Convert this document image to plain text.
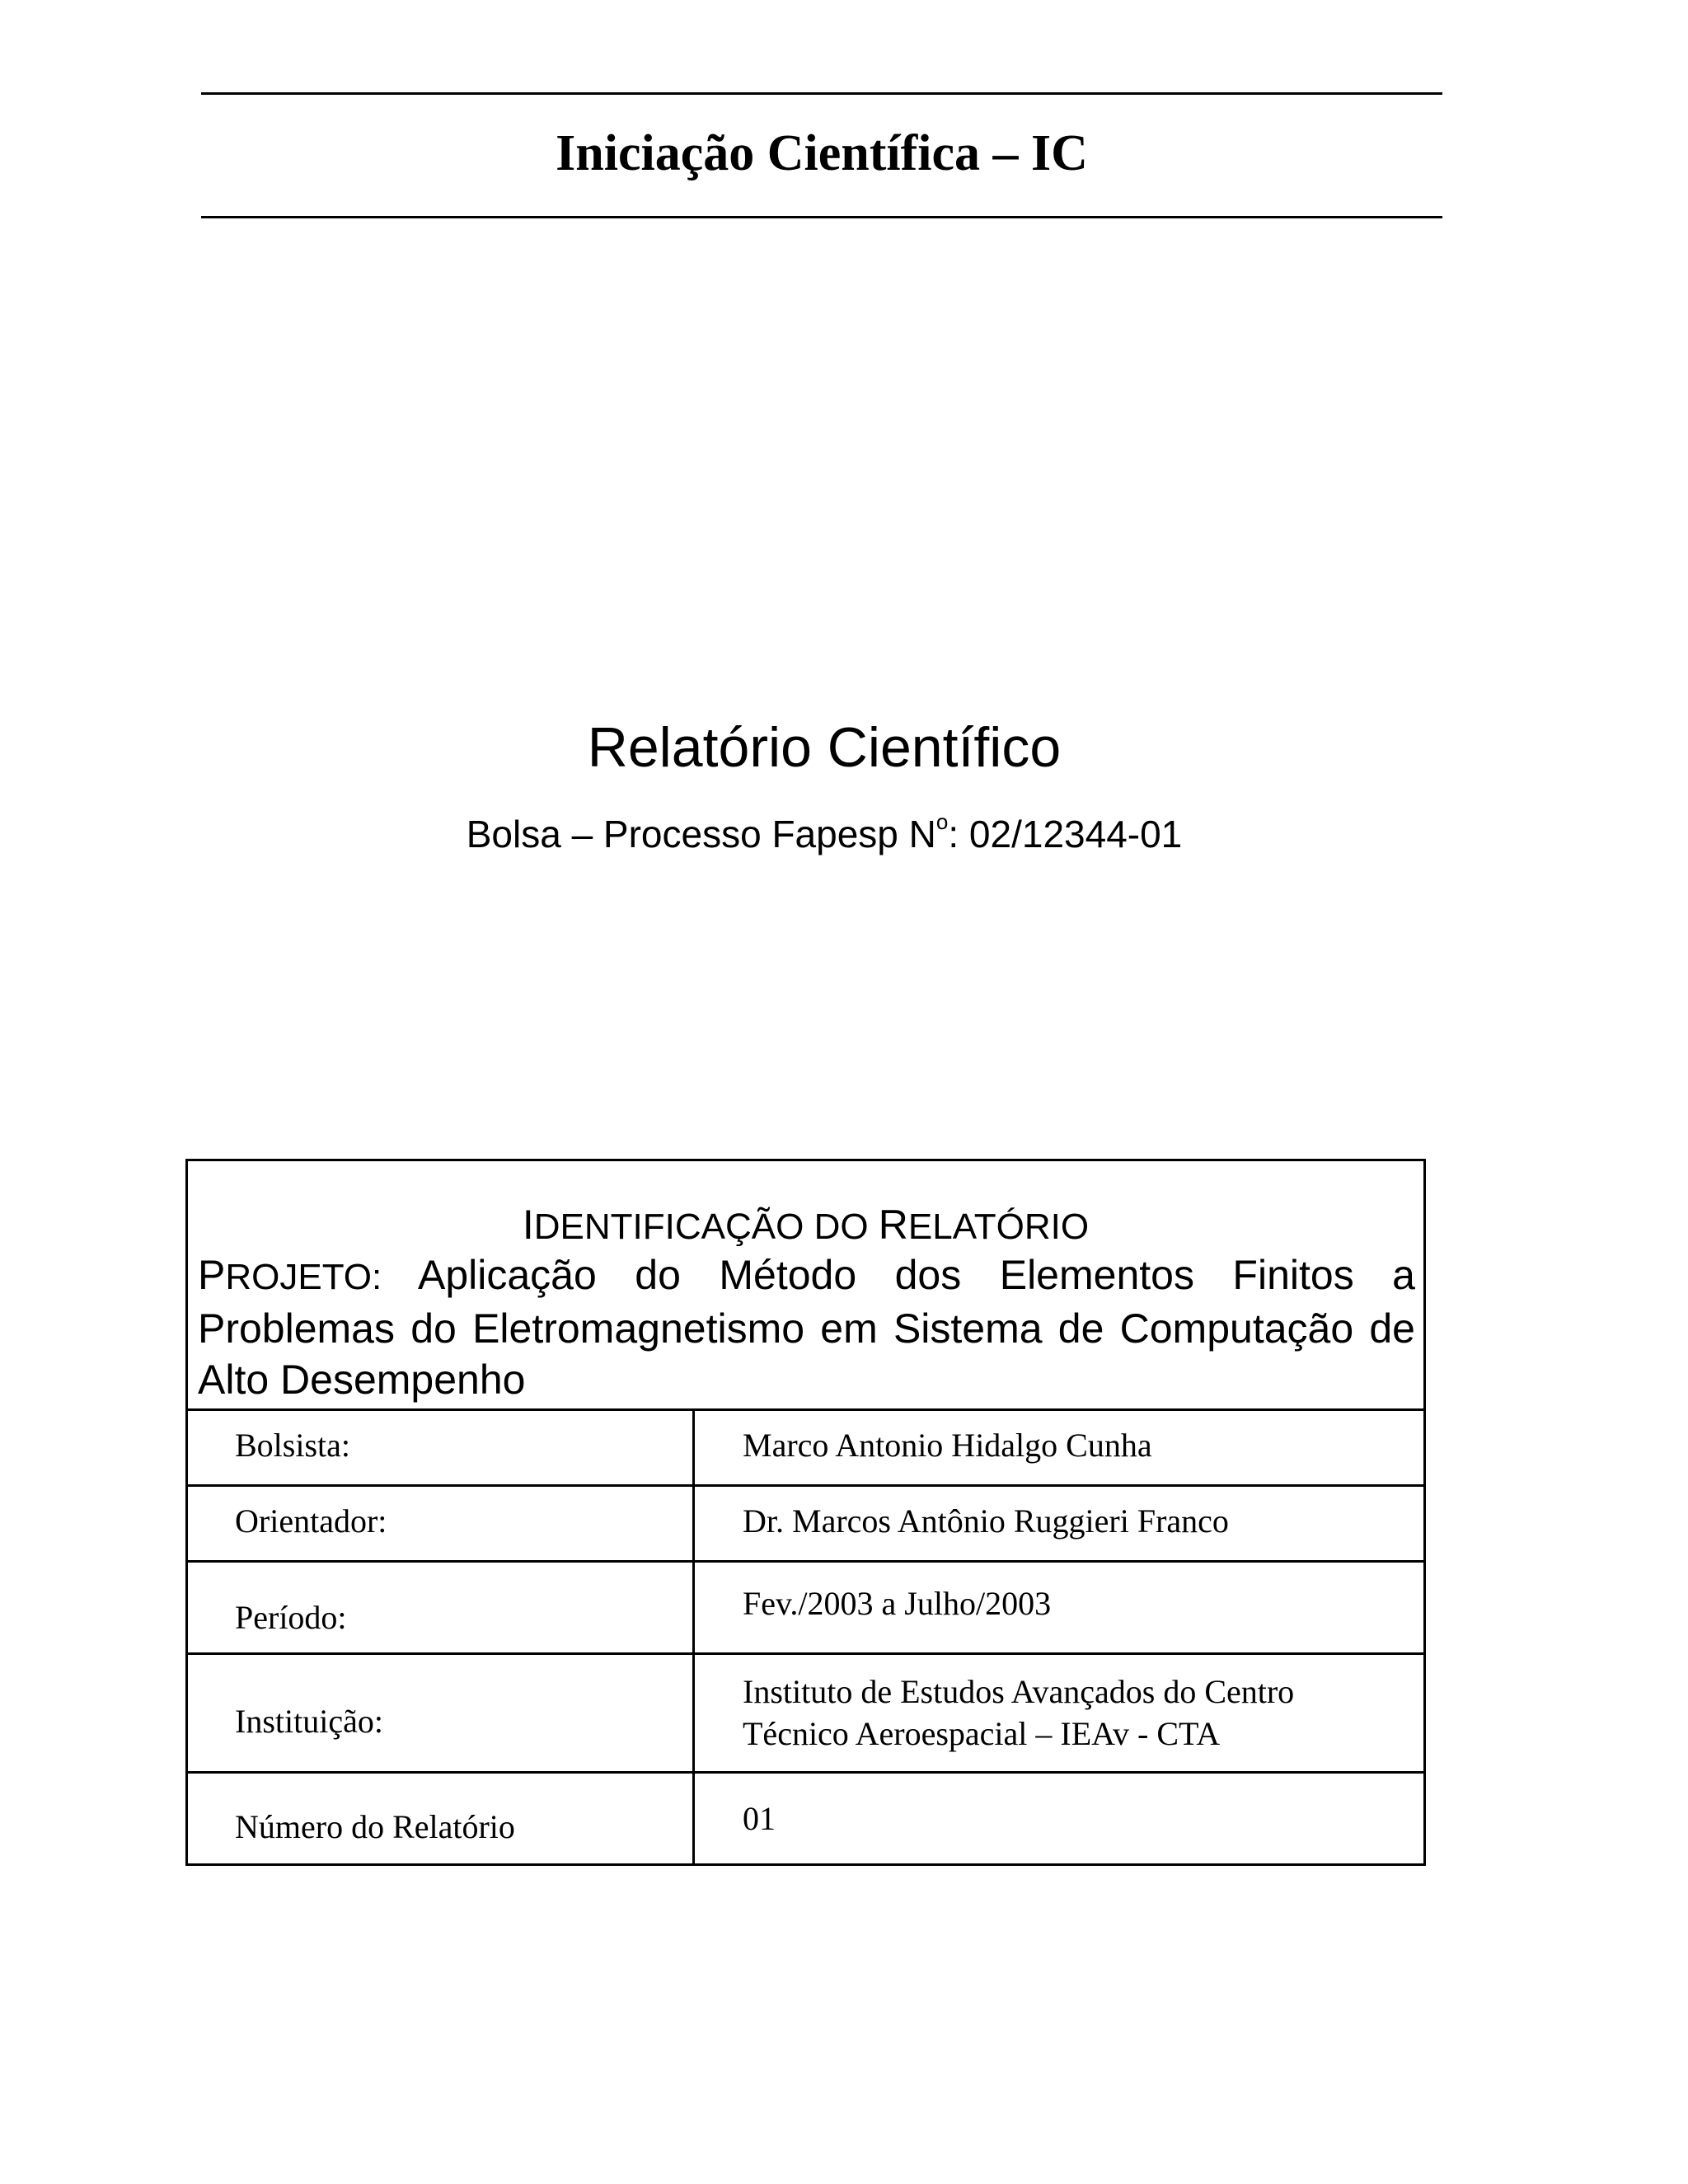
Iniciação Científica – IC
Relatório Científico
Bolsa – Processo Fapesp $N^o$: 02/12344-01
IDENTIFICAÇÃO DO RELATÓRIO
PROJETO: Aplicação do Método dos Elementos Finitos a Problemas do Eletromagnetismo em Sistema de Computação de Alto Desempenho	

Bolsista:	Marco Antonio Hidalgo Cunha

Orientador:	Dr. Marcos Antônio Ruggieri Franco

Período:	Fev./2003 a Julho/2003

Instituição:	Instituto de Estudos Avançados do Centro
Técnico Aeroespacial – IEAv - CTA

Número do Relatório	01
